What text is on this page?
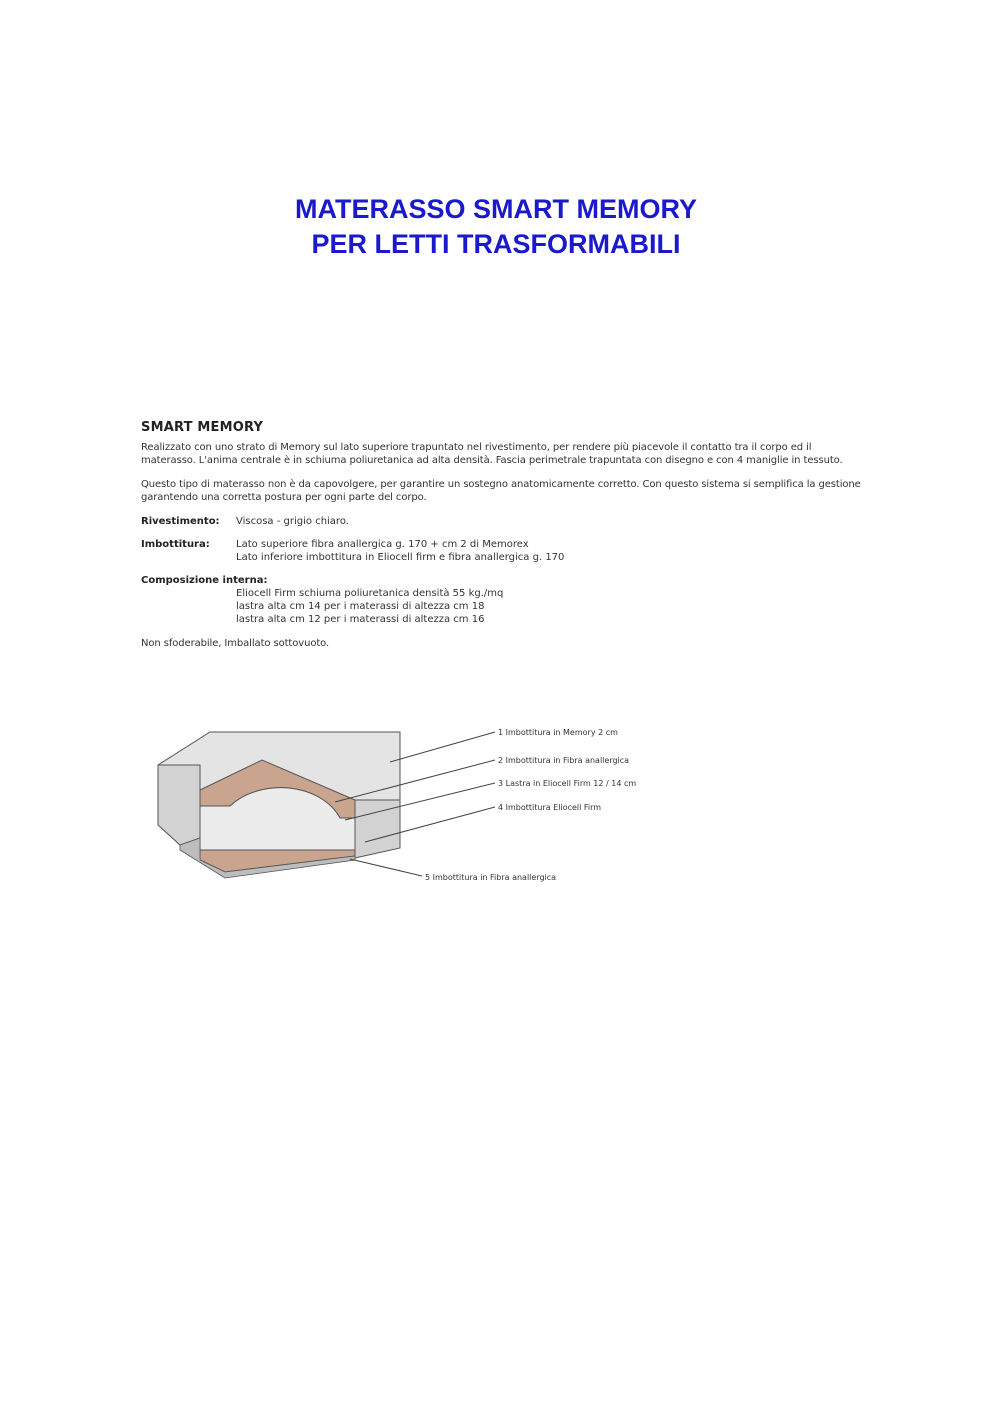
MATERASSO SMART MEMORY
PER LETTI TRASFORMABILI
SMART MEMORY

Realizzato con uno strato di Memory sul lato superiore trapuntato nel rivestimento, per rendere più piacevole il contatto tra il corpo ed il materasso. L'anima centrale è in schiuma poliuretanica ad alta densità. Fascia perimetrale trapuntata con disegno e con 4 maniglie in tessuto.

Questo tipo di materasso non è da capovolgere, per garantire un sostegno anatomicamente corretto. Con questo sistema si semplifica la gestione garantendo una corretta postura per ogni parte del corpo.

Rivestimento:	Viscosa - grigio chiaro.
Imbottitura:	Lato superiore fibra anallergica g. 170 + cm 2 di Memorex
Lato inferiore imbottitura in Eliocell firm e fibra anallergica g. 170
Composizione interna:
Eliocell Firm schiuma poliuretanica densità 55 kg./mq
lastra alta cm 14 per i materassi di altezza cm 18
lastra alta cm 12 per i materassi di altezza cm 16

Non sfoderabile, Imballato sottovuoto.

1 Imbottitura in Memory 2 cm
2 Imbottitura in Fibra anallergica
3 Lastra in Eliocell Firm 12 / 14 cm
4 Imbottitura Eliocell Firm
5 Imbottitura in Fibra anallergica
